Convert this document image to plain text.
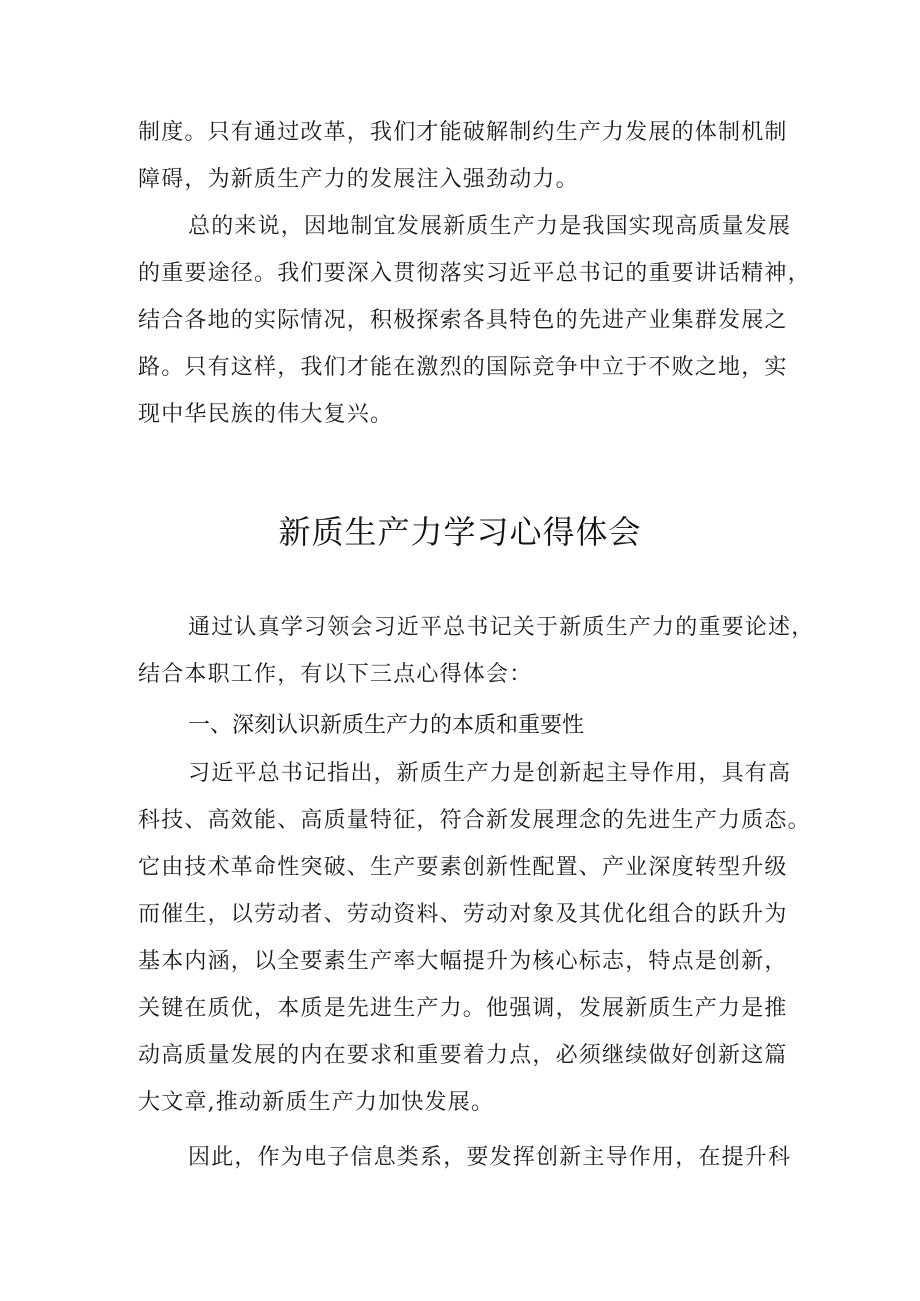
制度。只有通过改革，我们才能破解制约生产力发展的体制机制
障碍，为新质生产力的发展注入强劲动力。
总的来说，因地制宜发展新质生产力是我国实现高质量发展
的重要途径。我们要深入贯彻落实习近平总书记的重要讲话精神，
结合各地的实际情况，积极探索各具特色的先进产业集群发展之
路。只有这样，我们才能在激烈的国际竞争中立于不败之地，实
现中华民族的伟大复兴。
新质生产力学习心得体会
通过认真学习领会习近平总书记关于新质生产力的重要论述，
结合本职工作，有以下三点心得体会：
一、深刻认识新质生产力的本质和重要性
习近平总书记指出，新质生产力是创新起主导作用，具有高
科技、高效能、高质量特征，符合新发展理念的先进生产力质态。
它由技术革命性突破、生产要素创新性配置、产业深度转型升级
而催生，以劳动者、劳动资料、劳动对象及其优化组合的跃升为
基本内涵，以全要素生产率大幅提升为核心标志，特点是创新，
关键在质优，本质是先进生产力。他强调，发展新质生产力是推
动高质量发展的内在要求和重要着力点，必须继续做好创新这篇
大文章,推动新质生产力加快发展。
因此，作为电子信息类系，要发挥创新主导作用，在提升科
